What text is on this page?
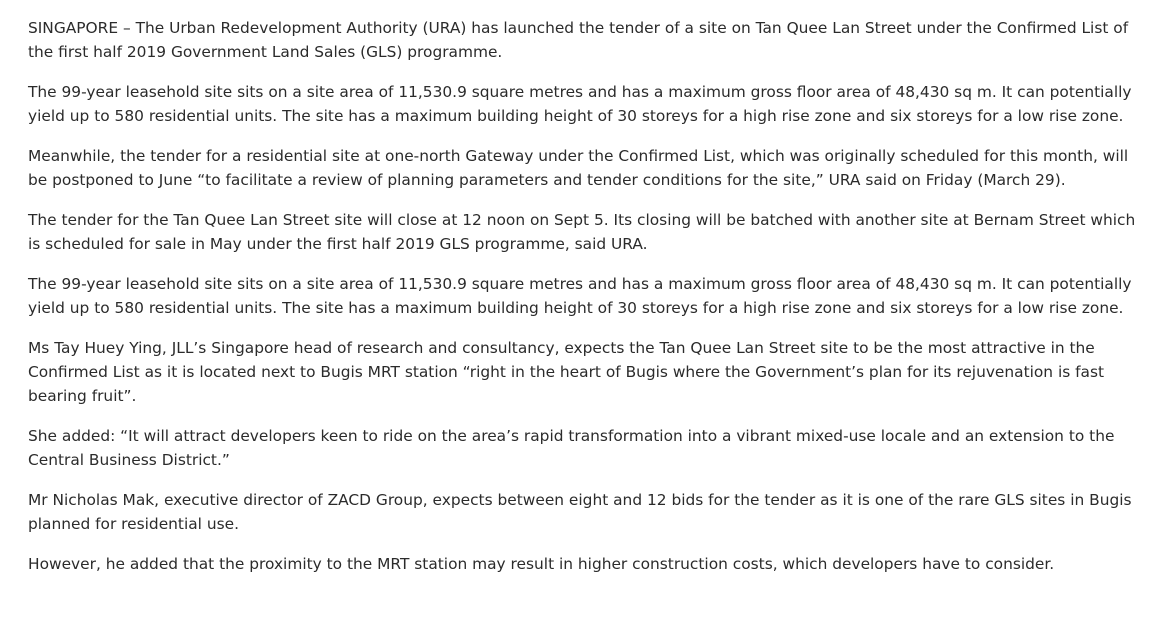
SINGAPORE – The Urban Redevelopment Authority (URA) has launched the tender of a site on Tan Quee Lan Street under the Confirmed List of the first half 2019 Government Land Sales (GLS) programme.

The 99-year leasehold site sits on a site area of 11,530.9 square metres and has a maximum gross floor area of 48,430 sq m. It can potentially yield up to 580 residential units. The site has a maximum building height of 30 storeys for a high rise zone and six storeys for a low rise zone.

Meanwhile, the tender for a residential site at one-north Gateway under the Confirmed List, which was originally scheduled for this month, will be postponed to June “to facilitate a review of planning parameters and tender conditions for the site,” URA said on Friday (March 29).

The tender for the Tan Quee Lan Street site will close at 12 noon on Sept 5. Its closing will be batched with another site at Bernam Street which is scheduled for sale in May under the first half 2019 GLS programme, said URA.

The 99-year leasehold site sits on a site area of 11,530.9 square metres and has a maximum gross floor area of 48,430 sq m. It can potentially yield up to 580 residential units. The site has a maximum building height of 30 storeys for a high rise zone and six storeys for a low rise zone.

Ms Tay Huey Ying, JLL’s Singapore head of research and consultancy, expects the Tan Quee Lan Street site to be the most attractive in the Confirmed List as it is located next to Bugis MRT station “right in the heart of Bugis where the Government’s plan for its rejuvenation is fast bearing fruit”.

She added: “It will attract developers keen to ride on the area’s rapid transformation into a vibrant mixed-use locale and an extension to the Central Business District.”

Mr Nicholas Mak, executive director of ZACD Group, expects between eight and 12 bids for the tender as it is one of the rare GLS sites in Bugis planned for residential use.

However, he added that the proximity to the MRT station may result in higher construction costs, which developers have to consider.
